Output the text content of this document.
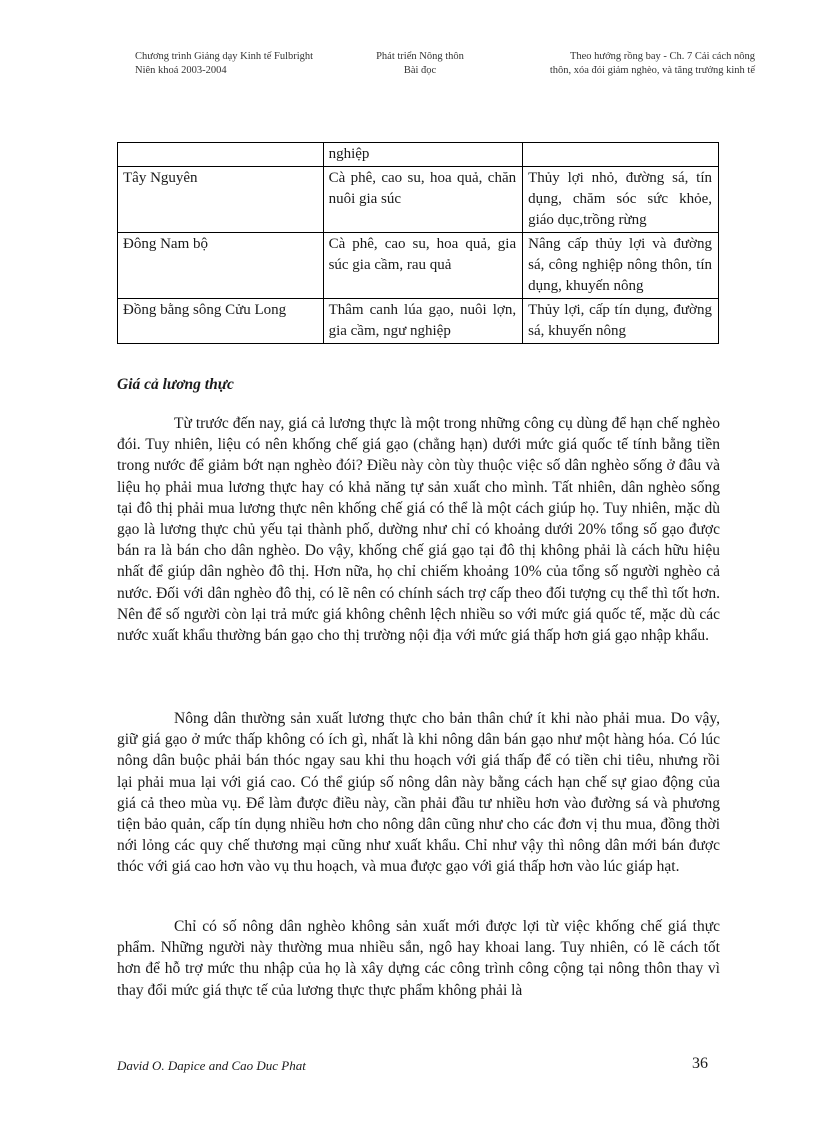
Chương trình Giảng dạy Kinh tế Fulbright
Niên khoá 2003-2004
Phát triển Nông thôn
Bài đọc
Theo hướng rồng bay - Ch. 7 Cải cách nông
thôn, xóa đói giảm nghèo, và tăng trưởng kinh tế
	nghiệp	
Tây Nguyên	Cà phê, cao su, hoa quả, chăn nuôi gia súc	Thủy lợi nhỏ, đường sá, tín dụng, chăm sóc sức khỏe, giáo dục,trồng rừng
Đông Nam bộ	Cà phê, cao su, hoa quả, gia súc gia cầm, rau quả	Nâng cấp thủy lợi và đường sá, công nghiệp nông thôn, tín dụng, khuyến nông
Đồng bằng sông Cửu Long	Thâm canh lúa gạo, nuôi lợn, gia cầm, ngư nghiệp	Thủy lợi, cấp tín dụng, đường sá, khuyến nông
Giá cả lương thực

Từ trước đến nay, giá cả lương thực là một trong những công cụ dùng để hạn chế nghèo đói. Tuy nhiên, liệu có nên khống chế giá gạo (chẳng hạn) dưới mức giá quốc tế tính bằng tiền trong nước để giảm bớt nạn nghèo đói? Điều này còn tùy thuộc việc số dân nghèo sống ở đâu và liệu họ phải mua lương thực hay có khả năng tự sản xuất cho mình. Tất nhiên, dân nghèo sống tại đô thị phải mua lương thực nên khống chế giá có thể là một cách giúp họ. Tuy nhiên, mặc dù gạo là lương thực chủ yếu tại thành phố, dường như chỉ có khoảng dưới 20% tổng số gạo được bán ra là bán cho dân nghèo. Do vậy, khống chế giá gạo tại đô thị không phải là cách hữu hiệu nhất để giúp dân nghèo đô thị. Hơn nữa, họ chỉ chiếm khoảng 10% của tổng số người nghèo cả nước. Đối với dân nghèo đô thị, có lẽ nên có chính sách trợ cấp theo đối tượng cụ thể thì tốt hơn. Nên để số người còn lại trả mức giá không chênh lệch nhiều so với mức giá quốc tế, mặc dù các nước xuất khẩu thường bán gạo cho thị trường nội địa với mức giá thấp hơn giá gạo nhập khẩu.

Nông dân thường sản xuất lương thực cho bản thân chứ ít khi nào phải mua. Do vậy, giữ giá gạo ở mức thấp không có ích gì, nhất là khi nông dân bán gạo như một hàng hóa. Có lúc nông dân buộc phải bán thóc ngay sau khi thu hoạch với giá thấp để có tiền chi tiêu, nhưng rồi lại phải mua lại với giá cao. Có thể giúp số nông dân này bằng cách hạn chế sự giao động của giá cả theo mùa vụ. Để làm được điều này, cần phải đầu tư nhiều hơn vào đường sá và phương tiện bảo quản, cấp tín dụng nhiều hơn cho nông dân cũng như cho các đơn vị thu mua, đồng thời nới lỏng các quy chế thương mại cũng như xuất khẩu. Chỉ như vậy thì nông dân mới bán được thóc với giá cao hơn vào vụ thu hoạch, và mua được gạo với giá thấp hơn vào lúc giáp hạt.

Chỉ có số nông dân nghèo không sản xuất mới được lợi từ việc khống chế giá thực phẩm. Những người này thường mua nhiều sắn, ngô hay khoai lang. Tuy nhiên, có lẽ cách tốt hơn để hỗ trợ mức thu nhập của họ là xây dựng các công trình công cộng tại nông thôn thay vì thay đổi mức giá thực tế của lương thực thực phẩm không phải là

David O. Dapice and Cao Duc Phat	36
